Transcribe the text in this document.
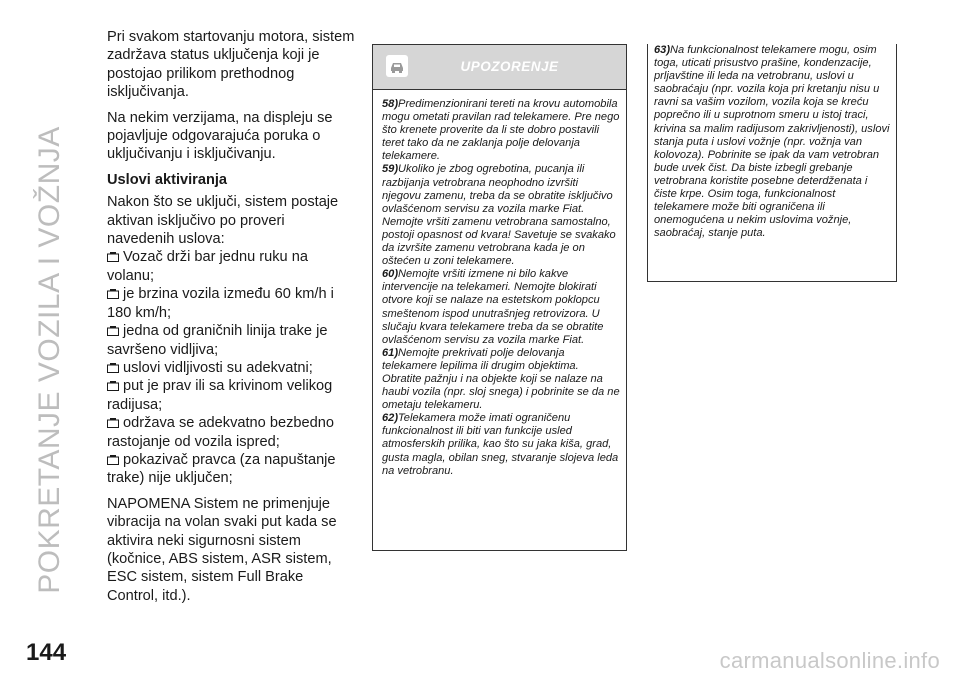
POKRETANJE VOZILA I VOŽNJA

Pri svakom startovanju motora, sistem zadržava status uključenja koji je postojao prilikom prethodnog isključivanja.

Na nekim verzijama, na displeju se pojavljuje odgovarajuća poruka o uključivanju i isključivanju.

Uslovi aktiviranja

Nakon što se uključi, sistem postaje aktivan isključivo po proveri navedenih uslova:

Vozač drži bar jednu ruku na volanu;

je brzina vozila između 60 km/h i 180 km/h;

jedna od graničnih linija trake je savršeno vidljiva;

uslovi vidljivosti su adekvatni;

put je prav ili sa krivinom velikog radijusa;

održava se adekvatno bezbedno rastojanje od vozila ispred;

pokazivač pravca (za napuštanje trake) nije uključen;

NAPOMENA Sistem ne primenjuje vibracija na volan svaki put kada se aktivira neki sigurnosni sistem (kočnice, ABS sistem, ASR sistem, ESC sistem, sistem Full Brake Control, itd.).

UPOZORENJE

58)Predimenzionirani tereti na krovu automobila mogu ometati pravilan rad telekamere. Pre nego što krenete proverite da li ste dobro postavili teret tako da ne zaklanja polje delovanja telekamere.

59)Ukoliko je zbog ogrebotina, pucanja ili razbijanja vetrobrana neophodno izvršiti njegovu zamenu, treba da se obratite isključivo ovlašćenom servisu za vozila marke Fiat. Nemojte vršiti zamenu vetrobrana samostalno, postoji opasnost od kvara! Savetuje se svakako da izvršite zamenu vetrobrana kada je on oštećen u zoni telekamere.

60)Nemojte vršiti izmene ni bilo kakve intervencije na telekameri. Nemojte blokirati otvore koji se nalaze na estetskom poklopcu smeštenom ispod unutrašnjeg retrovizora. U slučaju kvara telekamere treba da se obratite ovlašćenom servisu za vozila marke Fiat.

61)Nemojte prekrivati polje delovanja telekamere lepilima ili drugim objektima. Obratite pažnju i na objekte koji se nalaze na haubi vozila (npr. sloj snega) i pobrinite se da ne ometaju telekameru.

62)Telekamera može imati ograničenu funkcionalnost ili biti van funkcije usled atmosferskih prilika, kao što su jaka kiša, grad, gusta magla, obilan sneg, stvaranje slojeva leda na vetrobranu.

63)Na funkcionalnost telekamere mogu, osim toga, uticati prisustvo prašine, kondenzacije, prljavštine ili leda na vetrobranu, uslovi u saobraćaju (npr. vozila koja pri kretanju nisu u ravni sa vašim vozilom, vozila koja se kreću poprečno ili u suprotnom smeru u istoj traci, krivina sa malim radijusom zakrivljenosti), uslovi stanja puta i uslovi vožnje (npr. vožnja van kolovoza). Pobrinite se ipak da vam vetrobran bude uvek čist. Da biste izbegli grebanje vetrobrana koristite posebne deterdženata i čiste krpe. Osim toga, funkcionalnost telekamere može biti ograničena ili onemogućena u nekim uslovima vožnje, saobraćaj, stanje puta.

144	carmanualsonline.info
